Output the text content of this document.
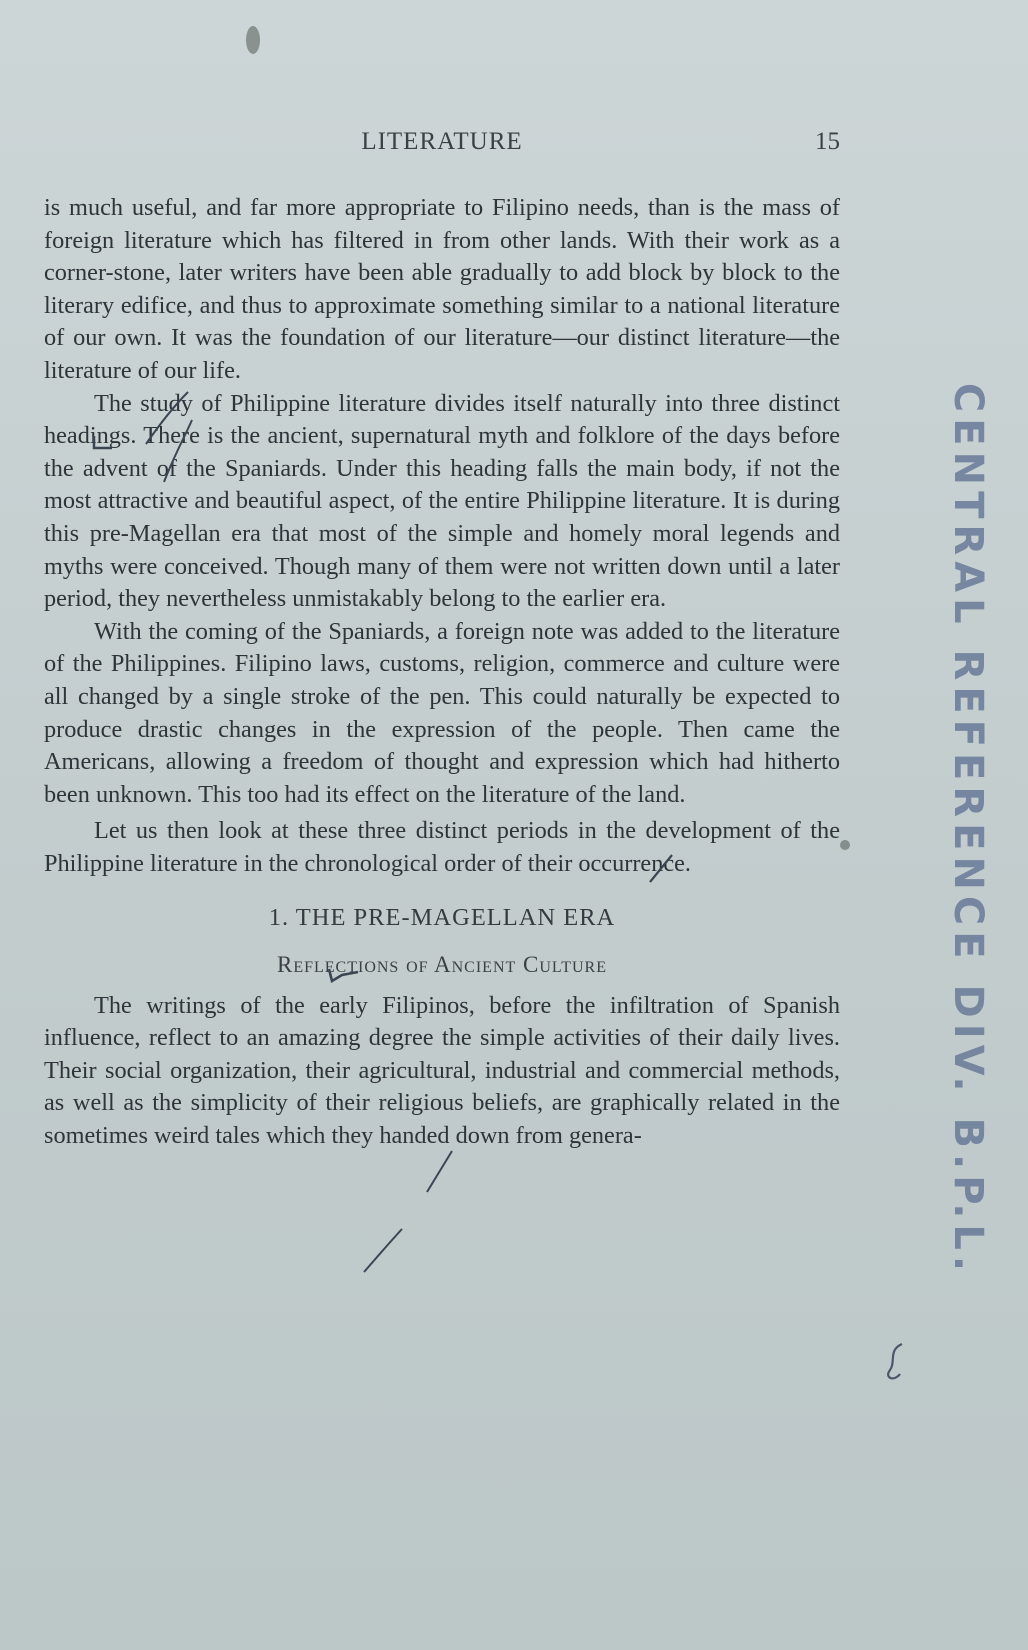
LITERATURE	15

is much useful, and far more appropriate to Filipino needs, than is the mass of foreign literature which has filtered in from other lands. With their work as a corner-stone, later writers have been able gradually to add block by block to the literary edifice, and thus to approximate something similar to a national literature of our own. It was the foundation of our literature—our distinct literature—the literature of our life.

The study of Philippine literature divides itself naturally into three distinct headings. There is the ancient, supernatural myth and folklore of the days before the advent of the Spaniards. Under this heading falls the main body, if not the most attractive and beautiful aspect, of the entire Philippine literature. It is during this pre-Magellan era that most of the simple and homely moral legends and myths were conceived. Though many of them were not written down until a later period, they nevertheless unmistakably belong to the earlier era.

With the coming of the Spaniards, a foreign note was added to the literature of the Philippines. Filipino laws, customs, religion, commerce and culture were all changed by a single stroke of the pen. This could naturally be expected to produce drastic changes in the expression of the people. Then came the Americans, allowing a freedom of thought and expression which had hitherto been unknown. This too had its effect on the literature of the land.

Let us then look at these three distinct periods in the development of the Philippine literature in the chronological order of their occurrence.

1. THE PRE-MAGELLAN ERA
Reflections of Ancient Culture

The writings of the early Filipinos, before the infiltration of Spanish influence, reflect to an amazing degree the simple activities of their daily lives. Their social organization, their agricultural, industrial and commercial methods, as well as the simplicity of their religious beliefs, are graphically related in the sometimes weird tales which they handed down from genera-	CENTRAL REFERENCE DIV. B.P.L.
